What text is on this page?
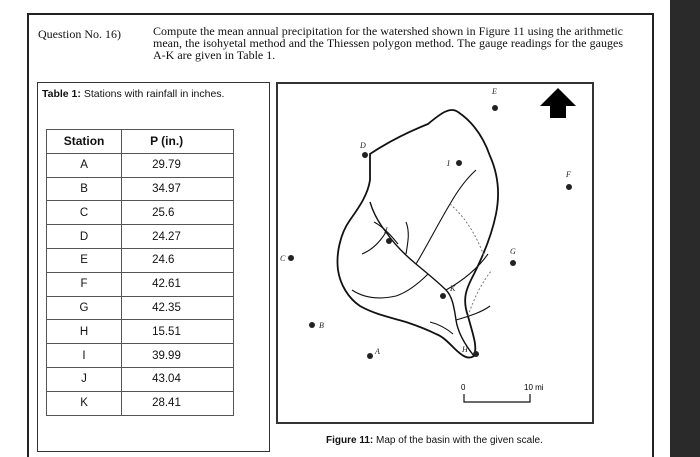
Question No. 16)	Compute the mean annual precipitation for the watershed shown in Figure 11 using the arithmetic mean, the isohyetal method and the Thiessen polygon method. The gauge readings for the gauges A-K are given in Table 1.
Table 1: Stations with rainfall in inches.
Station	P (in.)
A	29.79
B	34.97
C	25.6
D	24.27
E	24.6
F	42.61
G	42.35
H	15.51
I	39.99
J	43.04
K	28.41
A
B
C
D
E
F
G
H
I
J
K
0	10 mi
Figure 11: Map of the basin with the given scale.
